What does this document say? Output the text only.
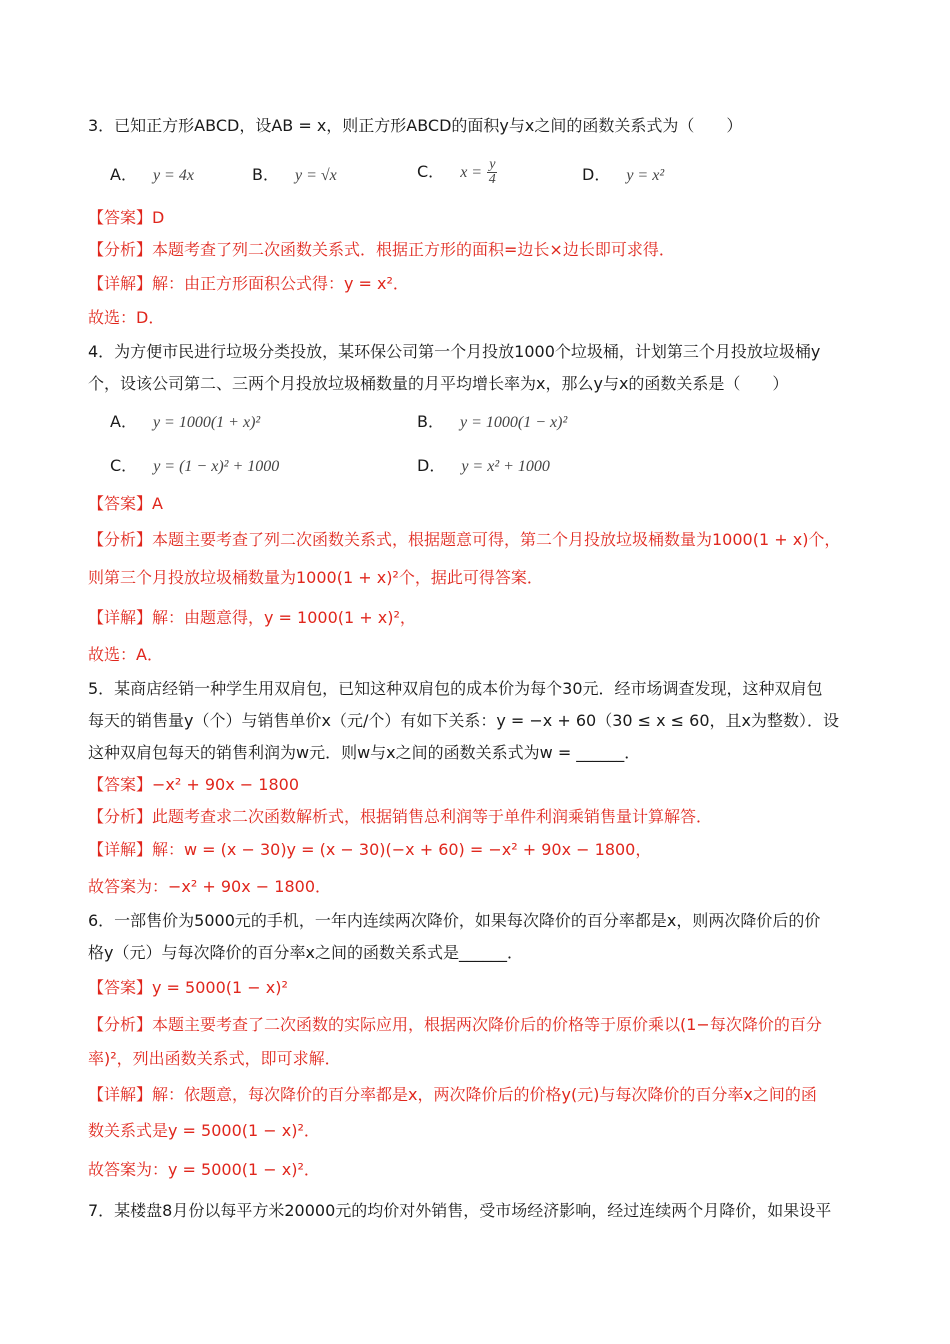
3．已知正方形ABCD，设AB = x，则正方形ABCD的面积y与x之间的函数关系式为（　　）
A． y = 4x	B． y = √x	C． $x = \frac{y}{4}$	D． y = x²
【答案】D
【分析】本题考查了列二次函数关系式．根据正方形的面积=边长×边长即可求得．
【详解】解：由正方形面积公式得：y = x²．
故选：D．
4．为方便市民进行垃圾分类投放，某环保公司第一个月投放1000个垃圾桶，计划第三个月投放垃圾桶y
个，设该公司第二、三两个月投放垃圾桶数量的月平均增长率为x，那么y与x的函数关系是（　　）
A． y = 1000(1 + x)²	B． y = 1000(1 − x)²
C． y = (1 − x)² + 1000	D． y = x² + 1000
【答案】A
【分析】本题主要考查了列二次函数关系式，根据题意可得，第二个月投放垃圾桶数量为1000(1 + x)个，
则第三个月投放垃圾桶数量为1000(1 + x)²个，据此可得答案．
【详解】解：由题意得，y = 1000(1 + x)²，
故选：A．
5．某商店经销一种学生用双肩包，已知这种双肩包的成本价为每个30元．经市场调查发现，这种双肩包
每天的销售量y（个）与销售单价x（元/个）有如下关系：y = −x + 60（30 ≤ x ≤ 60，且x为整数）．设
这种双肩包每天的销售利润为w元．则w与x之间的函数关系式为w = ______．
【答案】−x² + 90x − 1800
【分析】此题考查求二次函数解析式，根据销售总利润等于单件利润乘销售量计算解答．
【详解】解：w = (x − 30)y = (x − 30)(−x + 60) = −x² + 90x − 1800，
故答案为：−x² + 90x − 1800．
6．一部售价为5000元的手机，一年内连续两次降价，如果每次降价的百分率都是x，则两次降价后的价
格y（元）与每次降价的百分率x之间的函数关系式是______．
【答案】y = 5000(1 − x)²
【分析】本题主要考查了二次函数的实际应用，根据两次降价后的价格等于原价乘以(1−每次降价的百分
率)²，列出函数关系式，即可求解．
【详解】解：依题意，每次降价的百分率都是x，两次降价后的价格y(元)与每次降价的百分率x之间的函
数关系式是y = 5000(1 − x)²．
故答案为：y = 5000(1 − x)²．
7．某楼盘8月份以每平方米20000元的均价对外销售，受市场经济影响，经过连续两个月降价，如果设平
